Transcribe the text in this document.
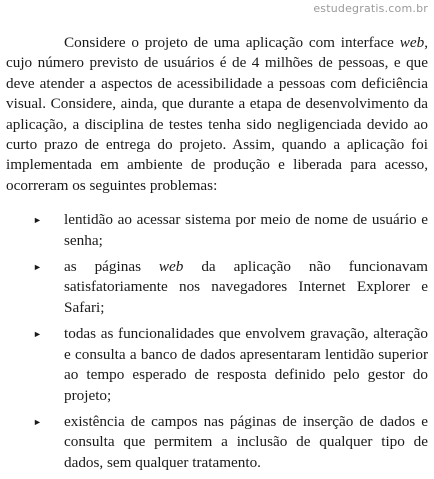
estudegratis.com.br

Considere o projeto de uma aplicação com interface web, cujo número previsto de usuários é de 4 milhões de pessoas, e que deve atender a aspectos de acessibilidade a pessoas com deficiência visual. Considere, ainda, que durante a etapa de desenvolvimento da aplicação, a disciplina de testes tenha sido negligenciada devido ao curto prazo de entrega do projeto. Assim, quando a aplicação foi implementada em ambiente de produção e liberada para acesso, ocorreram os seguintes problemas:

► lentidão ao acessar sistema por meio de nome de usuário e senha;
► as páginas web da aplicação não funcionavam satisfatoriamente nos navegadores Internet Explorer e Safari;
► todas as funcionalidades que envolvem gravação, alteração e consulta a banco de dados apresentaram lentidão superior ao tempo esperado de resposta definido pelo gestor do projeto;
► existência de campos nas páginas de inserção de dados e consulta que permitem a inclusão de qualquer tipo de dados, sem qualquer tratamento.
